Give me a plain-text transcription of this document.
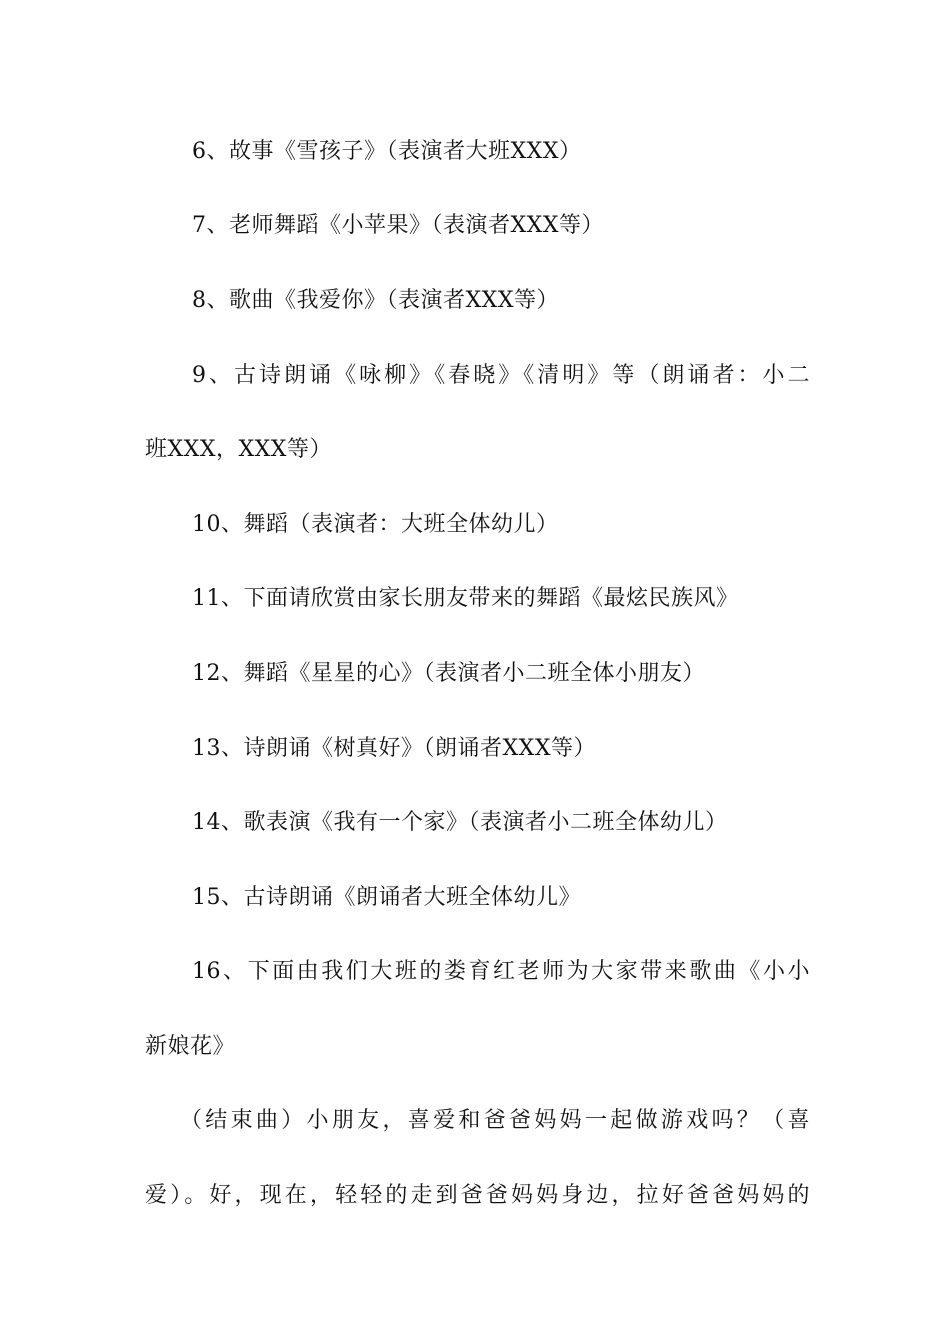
6、故事《雪孩子》（表演者大班XXX）

7、老师舞蹈《小苹果》（表演者XXX等）

8、歌曲《我爱你》（表演者XXX等）

9、古诗朗诵《咏柳》《春晓》《清明》等（朗诵者：小二

班XXX，XXX等）

10、舞蹈（表演者：大班全体幼儿）

11、下面请欣赏由家长朋友带来的舞蹈《最炫民族风》

12、舞蹈《星星的心》（表演者小二班全体小朋友）

13、诗朗诵《树真好》（朗诵者XXX等）

14、歌表演《我有一个家》（表演者小二班全体幼儿）

15、古诗朗诵《朗诵者大班全体幼儿》

16、下面由我们大班的娄育红老师为大家带来歌曲《小小

新娘花》

（结束曲）小朋友，喜爱和爸爸妈妈一起做游戏吗？（喜

爱）。好，现在，轻轻的走到爸爸妈妈身边，拉好爸爸妈妈的
